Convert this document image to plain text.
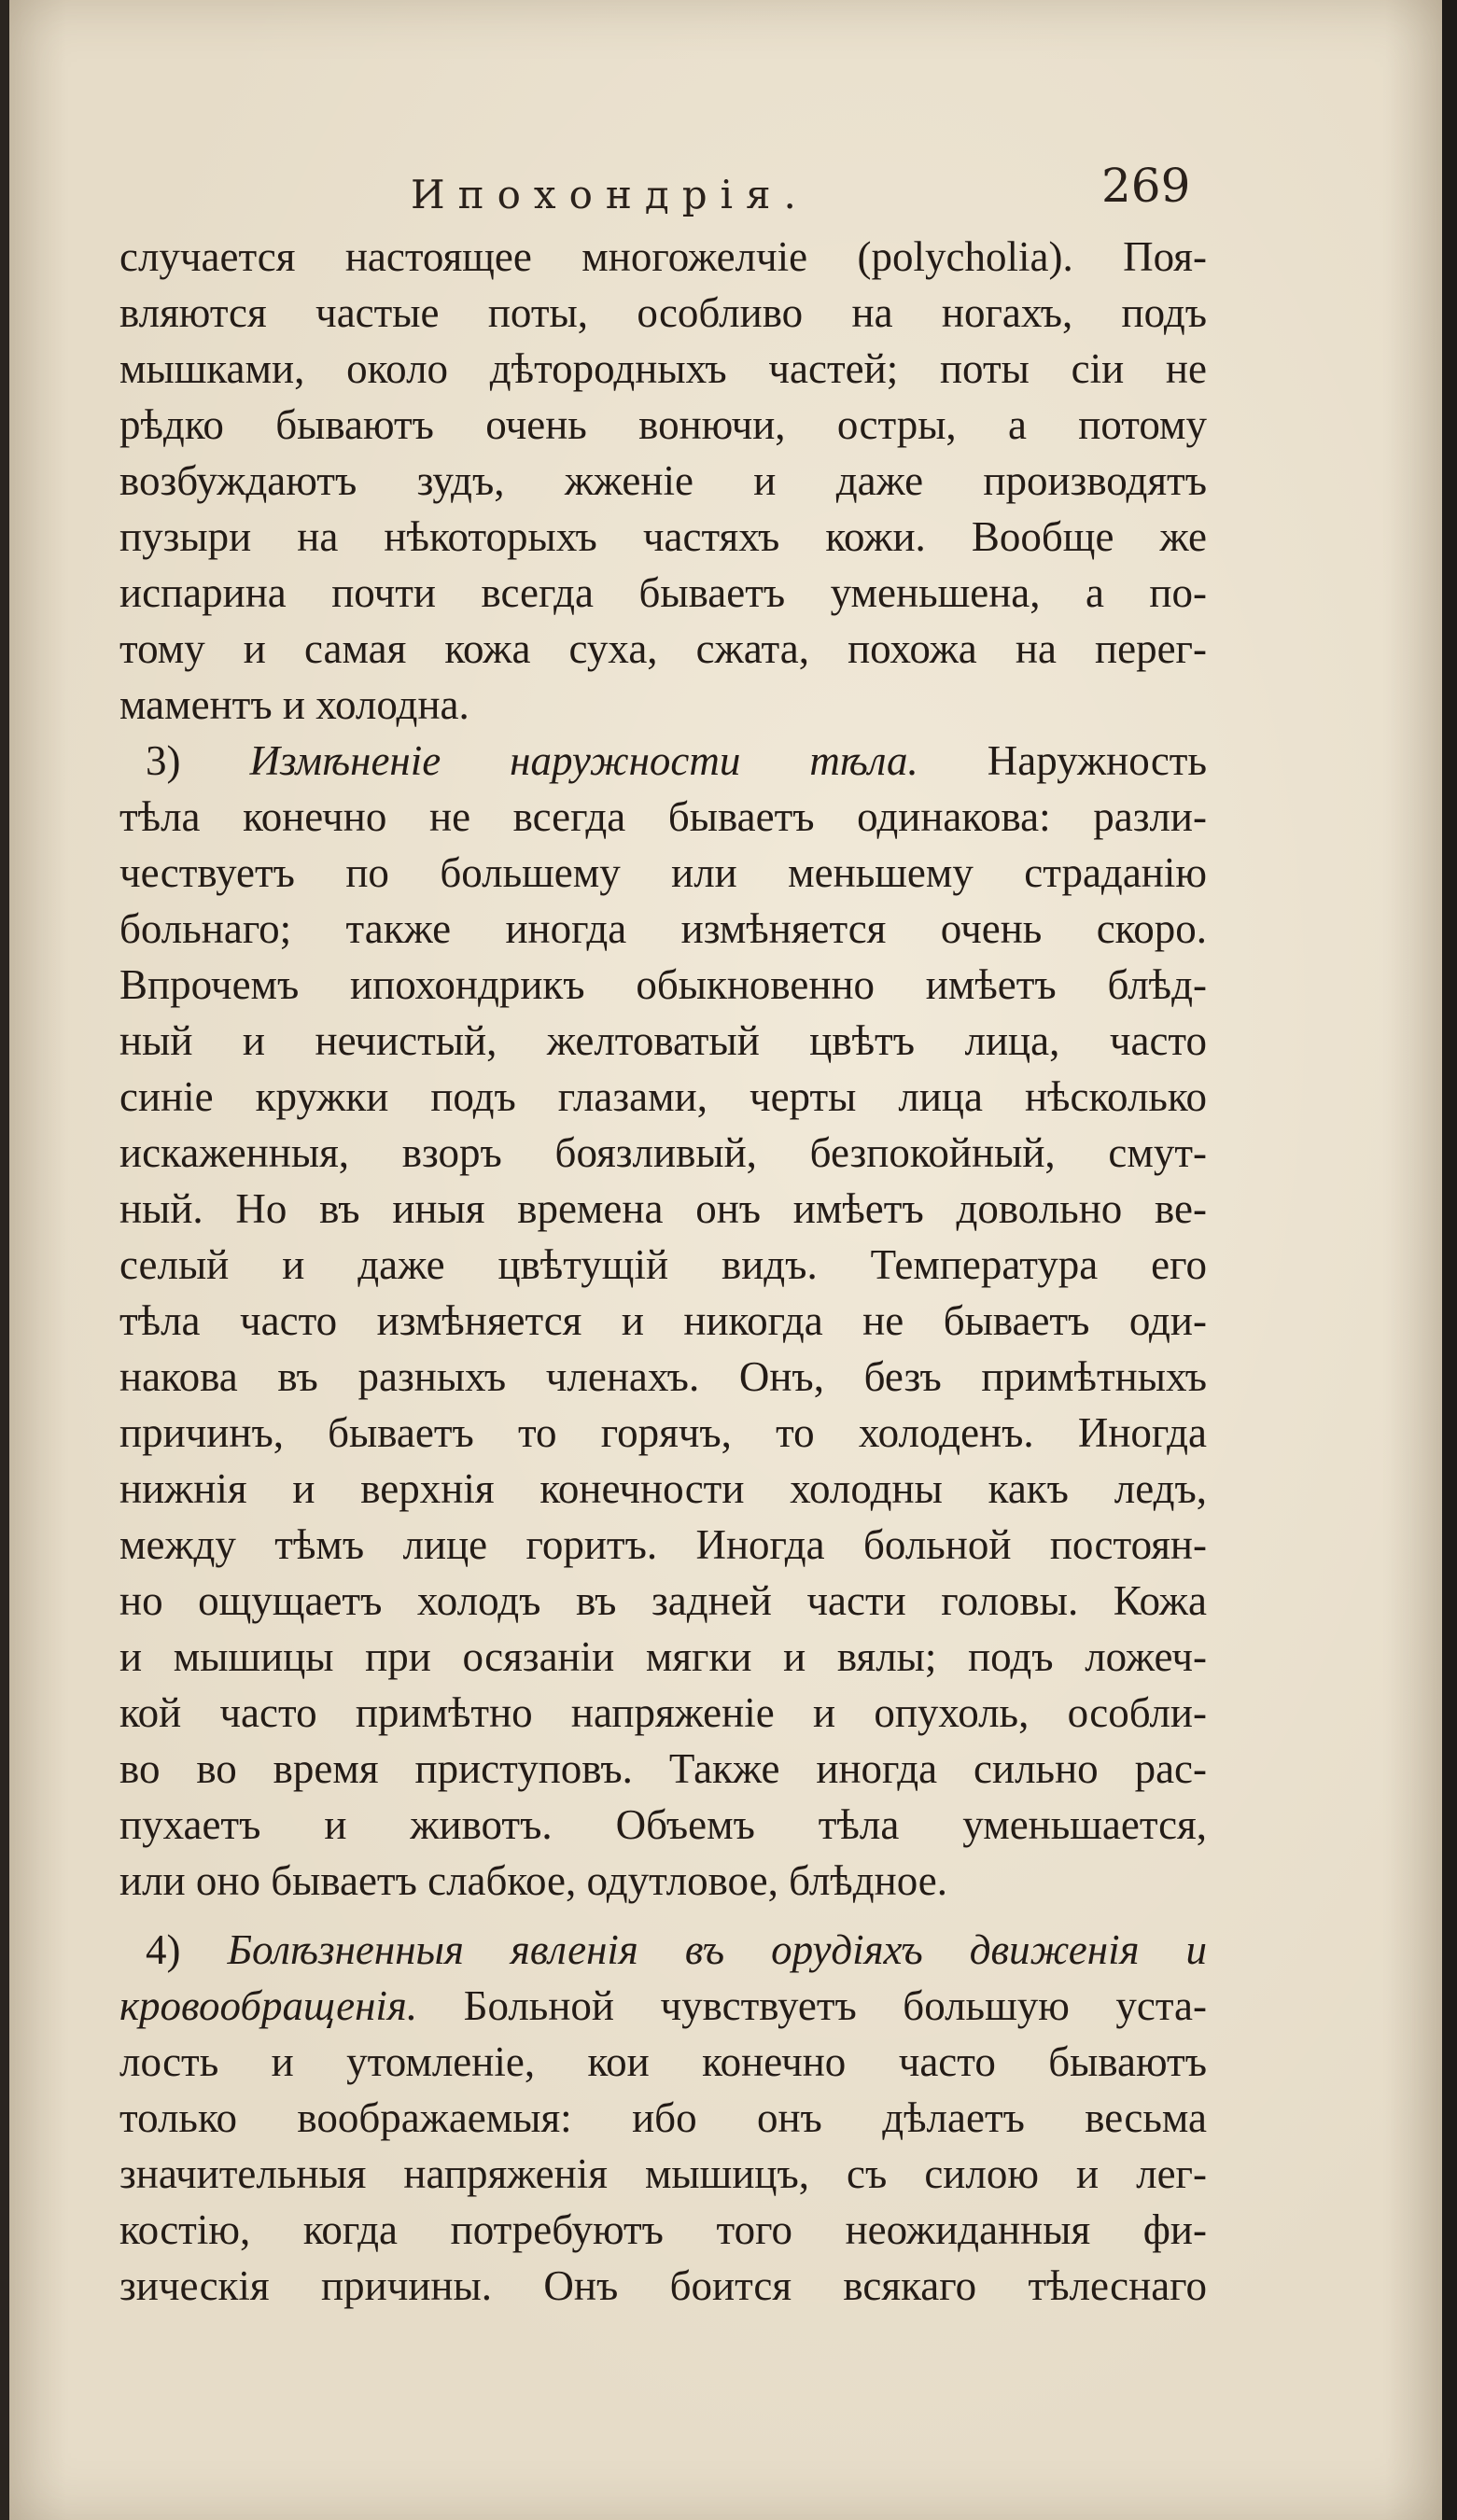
Ипохондрія.	269
случается настоящее многожелчіе (polycholia). Поя-
вляются частые поты, особливо на ногахъ, подъ
мышками, около дѣтородныхъ частей; поты сіи не
рѣдко бываютъ очень вонючи, остры, а потому
возбуждаютъ зудъ, жженіе и даже производятъ
пузыри на нѣкоторыхъ частяхъ кожи. Вообще же
испарина почти всегда бываетъ уменьшена, а по-
тому и самая кожа суха, сжата, похожа на перег-
маментъ и холодна.
3) Измѣненіе наружности тѣла. Наружность
тѣла конечно не всегда бываетъ одинакова: разли-
чествуетъ по большему или меньшему страданію
больнаго; также иногда измѣняется очень скоро.
Впрочемъ ипохондрикъ обыкновенно имѣетъ блѣд-
ный и нечистый, желтоватый цвѣтъ лица, часто
синіе кружки подъ глазами, черты лица нѣсколько
искаженныя, взоръ боязливый, безпокойный, смут-
ный. Но въ иныя времена онъ имѣетъ довольно ве-
селый и даже цвѣтущій видъ. Температура его
тѣла часто измѣняется и никогда не бываетъ оди-
накова въ разныхъ членахъ. Онъ, безъ примѣтныхъ
причинъ, бываетъ то горячъ, то холоденъ. Иногда
нижнія и верхнія конечности холодны какъ ледъ,
между тѣмъ лице горитъ. Иногда больной постоян-
но ощущаетъ холодъ въ задней части головы. Кожа
и мышицы при осязаніи мягки и вялы; подъ ложеч-
кой часто примѣтно напряженіе и опухоль, особли-
во во время приступовъ. Также иногда сильно рас-
пухаетъ и животъ. Объемъ тѣла уменьшается,
или оно бываетъ слабкое, одутловое, блѣдное.
4) Болѣзненныя явленія въ орудіяхъ движенія и
кровообращенія. Больной чувствуетъ большую уста-
лость и утомленіе, кои конечно часто бываютъ
только воображаемыя: ибо онъ дѣлаетъ весьма
значительныя напряженія мышицъ, съ силою и лег-
костію, когда потребуютъ того неожиданныя фи-
зическія причины. Онъ боится всякаго тѣлеснаго
